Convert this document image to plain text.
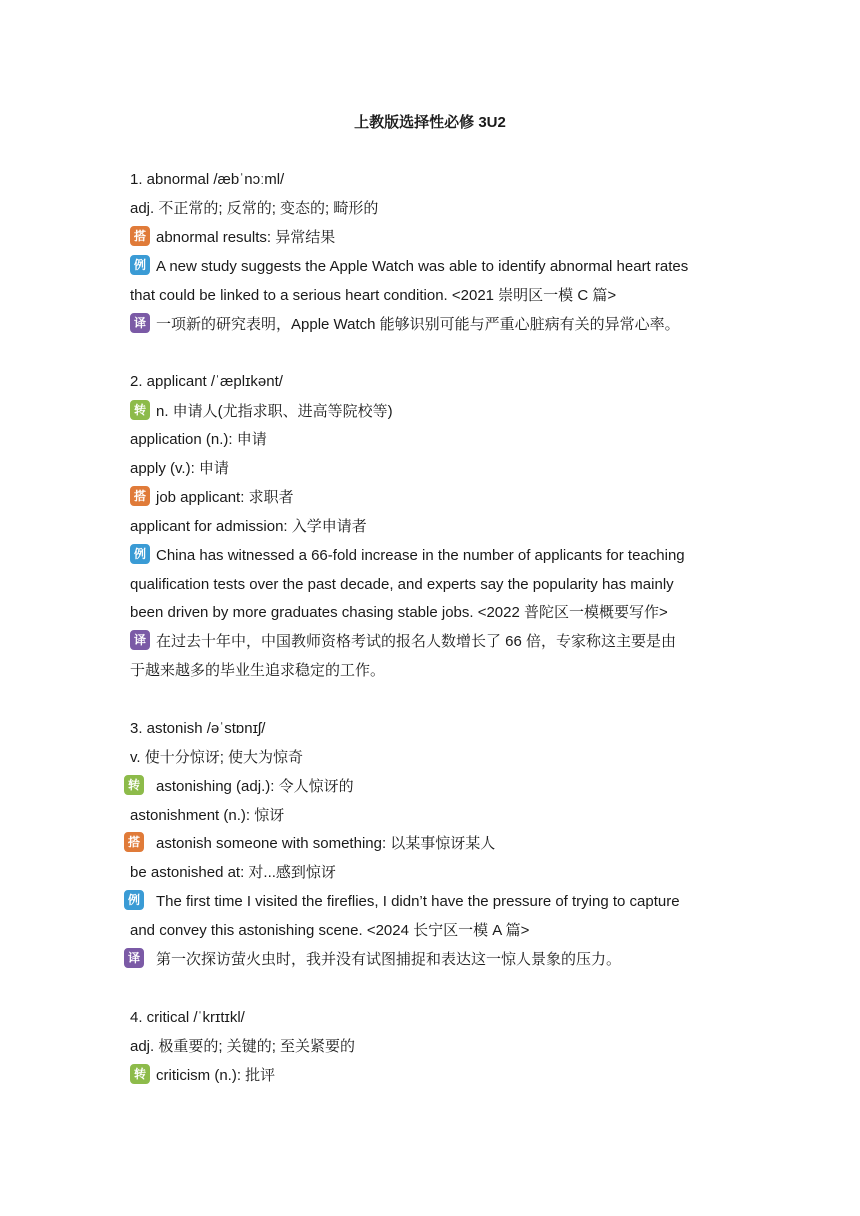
上教版选择性必修 3U2
1. abnormal /æbˈnɔːml/
adj. 不正常的; 反常的; 变态的; 畸形的
搭 abnormal results: 异常结果
例 A new study suggests the Apple Watch was able to identify abnormal heart rates
that could be linked to a serious heart condition. <2021 崇明区一模 C 篇>
译 一项新的研究表明，Apple Watch 能够识别可能与严重心脏病有关的异常心率。
2. applicant /ˈæplɪkənt/
转 n. 申请人(尤指求职、进高等院校等)
application (n.): 申请
apply (v.): 申请
搭 job applicant: 求职者
applicant for admission: 入学申请者
例 China has witnessed a 66-fold increase in the number of applicants for teaching
qualification tests over the past decade, and experts say the popularity has mainly
been driven by more graduates chasing stable jobs. <2022 普陀区一模概要写作>
译 在过去十年中，中国教师资格考试的报名人数增长了 66 倍，专家称这主要是由
于越来越多的毕业生追求稳定的工作。
3. astonish /əˈstɒnɪʃ/
v. 使十分惊讶; 使大为惊奇
转 astonishing (adj.): 令人惊讶的
astonishment (n.): 惊讶
搭 astonish someone with something: 以某事惊讶某人
be astonished at: 对...感到惊讶
例 The first time I visited the fireflies, I didn’t have the pressure of trying to capture
and convey this astonishing scene. <2024 长宁区一模 A 篇>
译 第一次探访萤火虫时，我并没有试图捕捉和表达这一惊人景象的压力。
4. critical /ˈkrɪtɪkl/
adj. 极重要的; 关键的; 至关紧要的
转 criticism (n.): 批评
